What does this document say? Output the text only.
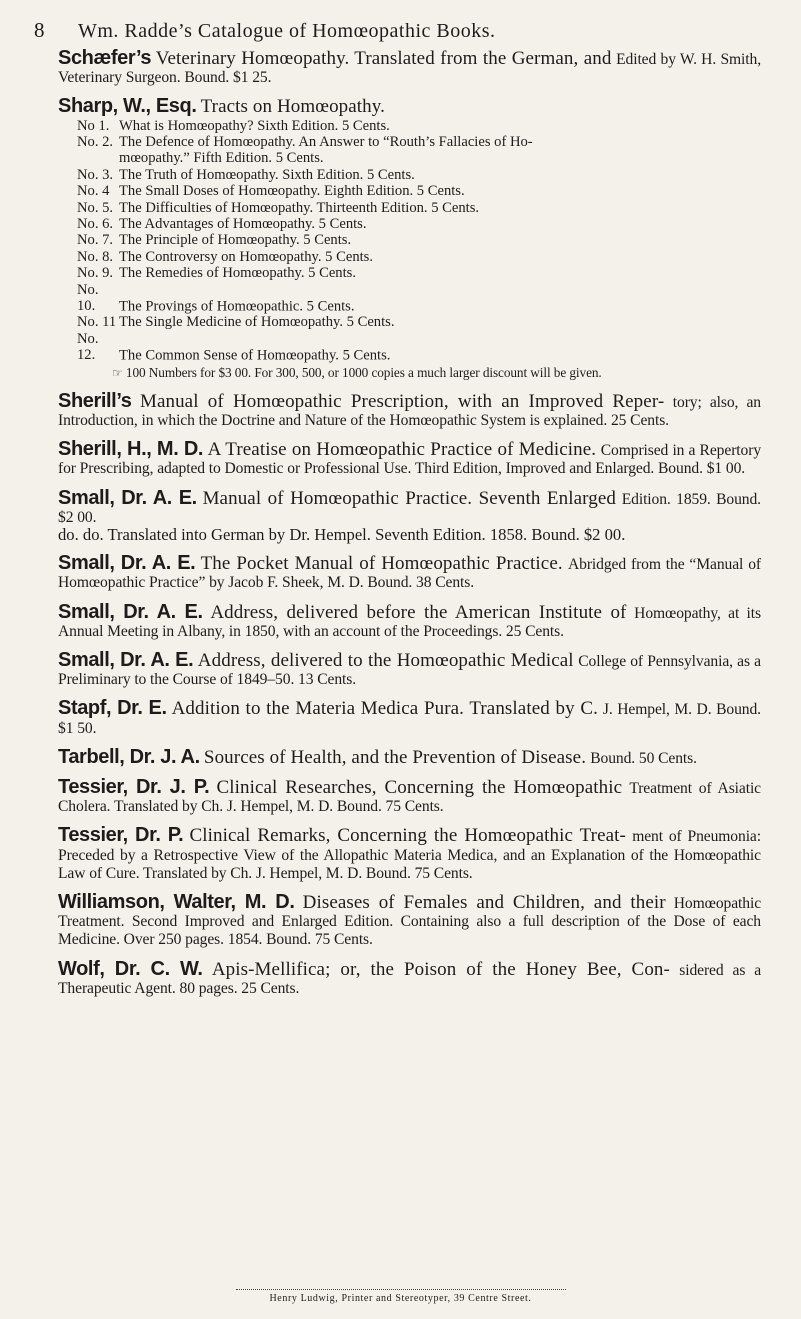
8	Wm. Radde’s Catalogue of Homœopathic Books.

Schæfer’s Veterinary Homœopathy. Translated from the German, and Edited by W. H. Smith, Veterinary Surgeon. Bound. $1 25.

Sharp, W., Esq. Tracts on Homœopathy.

No 1. What is Homœopathy? Sixth Edition. 5 Cents.
No. 2. The Defence of Homœopathy. An Answer to “Routh’s Fallacies of Ho-
mœopathy.” Fifth Edition. 5 Cents.
No. 3. The Truth of Homœopathy. Sixth Edition. 5 Cents.
No. 4 The Small Doses of Homœopathy. Eighth Edition. 5 Cents.
No. 5. The Difficulties of Homœopathy. Thirteenth Edition. 5 Cents.
No. 6. The Advantages of Homœopathy. 5 Cents.
No. 7. The Principle of Homœopathy. 5 Cents.
No. 8. The Controversy on Homœopathy. 5 Cents.
No. 9. The Remedies of Homœopathy. 5 Cents.
No. 10. The Provings of Homœopathic. 5 Cents.
No. 11 The Single Medicine of Homœopathy. 5 Cents.
No. 12. The Common Sense of Homœopathy. 5 Cents.
☞ 100 Numbers for $3 00. For 300, 500, or 1000 copies a much larger discount will be given.

Sherill’s Manual of Homœopathic Prescription, with an Improved Reper- tory; also, an Introduction, in which the Doctrine and Nature of the Homœopathic System is explained. 25 Cents.

Sherill, H., M. D. A Treatise on Homœopathic Practice of Medicine. Comprised in a Repertory for Prescribing, adapted to Domestic or Professional Use. Third Edition, Improved and Enlarged. Bound. $1 00.

Small, Dr. A. E. Manual of Homœopathic Practice. Seventh Enlarged Edition. 1859. Bound. $2 00.

do. do. Translated into German by Dr. Hempel. Seventh Edition. 1858. Bound. $2 00.

Small, Dr. A. E. The Pocket Manual of Homœopathic Practice. Abridged from the “Manual of Homœopathic Practice” by Jacob F. Sheek, M. D. Bound. 38 Cents.

Small, Dr. A. E. Address, delivered before the American Institute of Homœopathy, at its Annual Meeting in Albany, in 1850, with an account of the Proceedings. 25 Cents.

Small, Dr. A. E. Address, delivered to the Homœopathic Medical College of Pennsylvania, as a Preliminary to the Course of 1849–50. 13 Cents.

Stapf, Dr. E. Addition to the Materia Medica Pura. Translated by C. J. Hempel, M. D. Bound. $1 50.

Tarbell, Dr. J. A. Sources of Health, and the Prevention of Disease. Bound. 50 Cents.

Tessier, Dr. J. P. Clinical Researches, Concerning the Homœopathic Treatment of Asiatic Cholera. Translated by Ch. J. Hempel, M. D. Bound. 75 Cents.

Tessier, Dr. P. Clinical Remarks, Concerning the Homœopathic Treat- ment of Pneumonia: Preceded by a Retrospective View of the Allopathic Materia Medica, and an Explanation of the Homœopathic Law of Cure. Translated by Ch. J. Hempel, M. D. Bound. 75 Cents.

Williamson, Walter, M. D. Diseases of Females and Children, and their Homœopathic Treatment. Second Improved and Enlarged Edition. Containing also a full description of the Dose of each Medicine. Over 250 pages. 1854. Bound. 75 Cents.

Wolf, Dr. C. W. Apis-Mellifica; or, the Poison of the Honey Bee, Con- sidered as a Therapeutic Agent. 80 pages. 25 Cents.

Henry Ludwig, Printer and Stereotyper, 39 Centre Street.
